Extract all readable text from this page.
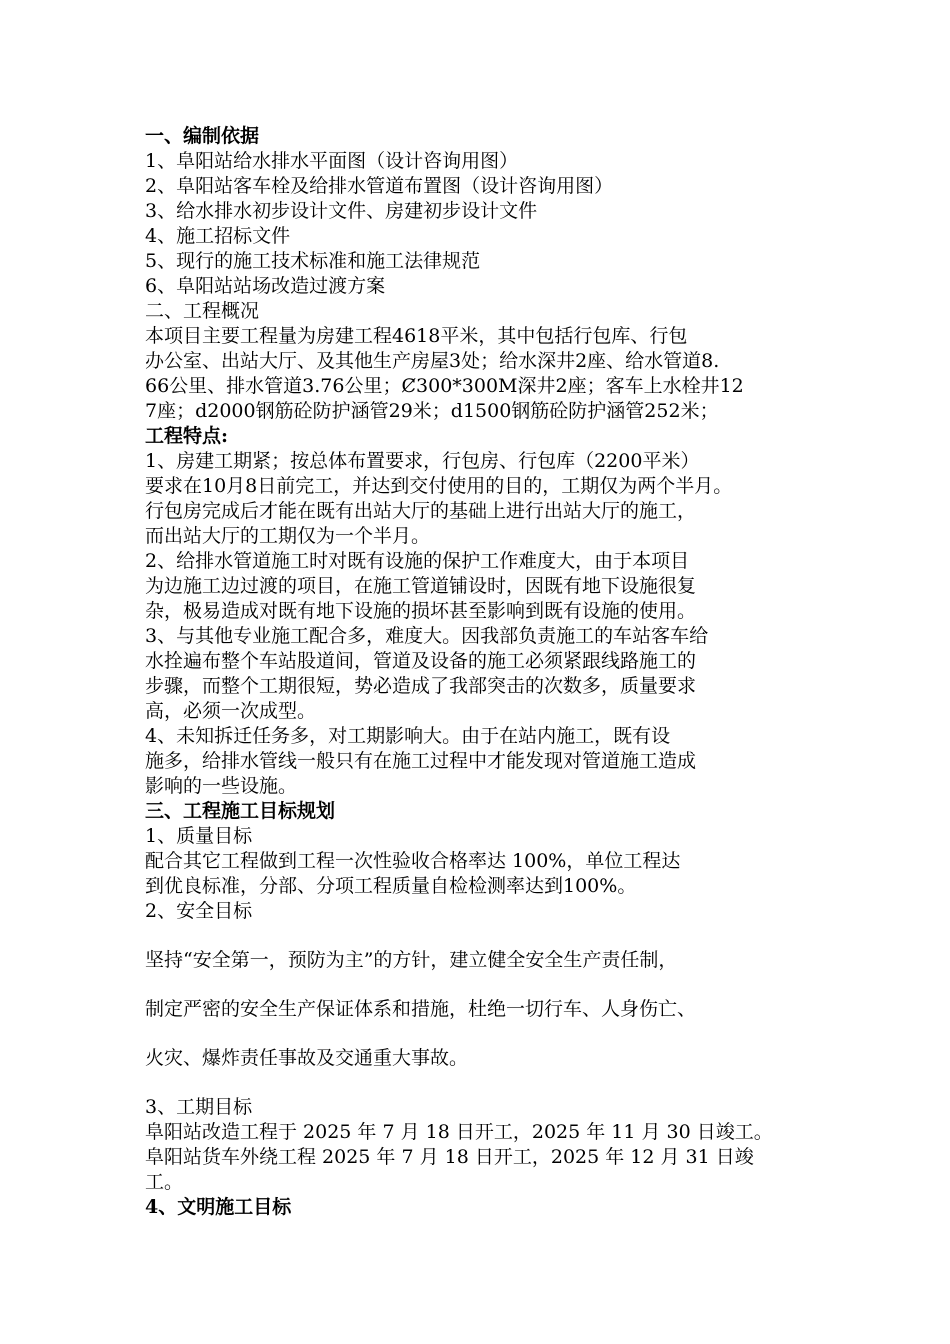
一、编制依据
1、阜阳站给水排水平面图（设计咨询用图）
2、阜阳站客车栓及给排水管道布置图（设计咨询用图）
3、给水排水初步设计文件、房建初步设计文件
4、施工招标文件
5、现行的施工技术标准和施工法律规范
6、阜阳站站场改造过渡方案
二、工程概况
本项目主要工程量为房建工程4618平米，其中包括行包库、行包
办公室、出站大厅、及其他生产房屋3处；给水深井2座、给水管道8.
66公里、排水管道3.76公里；Ȼ300*300M深井2座；客车上水栓井12
7座；d2000钢筋砼防护涵管29米；d1500钢筋砼防护涵管252米；
工程特点:
1、房建工期紧；按总体布置要求，行包房、行包库（2200平米）
要求在10月8日前完工，并达到交付使用的目的，工期仅为两个半月。
行包房完成后才能在既有出站大厅的基础上进行出站大厅的施工，
而出站大厅的工期仅为一个半月。
2、给排水管道施工时对既有设施的保护工作难度大，由于本项目
为边施工边过渡的项目，在施工管道铺设时，因既有地下设施很复
杂，极易造成对既有地下设施的损坏甚至影响到既有设施的使用。
3、与其他专业施工配合多，难度大。因我部负责施工的车站客车给
水拴遍布整个车站股道间，管道及设备的施工必须紧跟线路施工的
步骤，而整个工期很短，势必造成了我部突击的次数多，质量要求
高，必须一次成型。
4、未知拆迁任务多，对工期影响大。由于在站内施工，既有设
施多，给排水管线一般只有在施工过程中才能发现对管道施工造成
影响的一些设施。
三、工程施工目标规划
1、质量目标
配合其它工程做到工程一次性验收合格率达 100%，单位工程达
到优良标准，分部、分项工程质量自检检测率达到100%。
2、安全目标
坚持“安全第一，预防为主”的方针，建立健全安全生产责任制，
制定严密的安全生产保证体系和措施，杜绝一切行车、人身伤亡、
火灾、爆炸责任事故及交通重大事故。
3、工期目标
阜阳站改造工程于 2025 年 7 月 18 日开工，2025 年 11 月 30 日竣工。
阜阳站货车外绕工程 2025 年 7 月 18 日开工，2025 年 12 月 31 日竣
工。
4、文明施工目标
